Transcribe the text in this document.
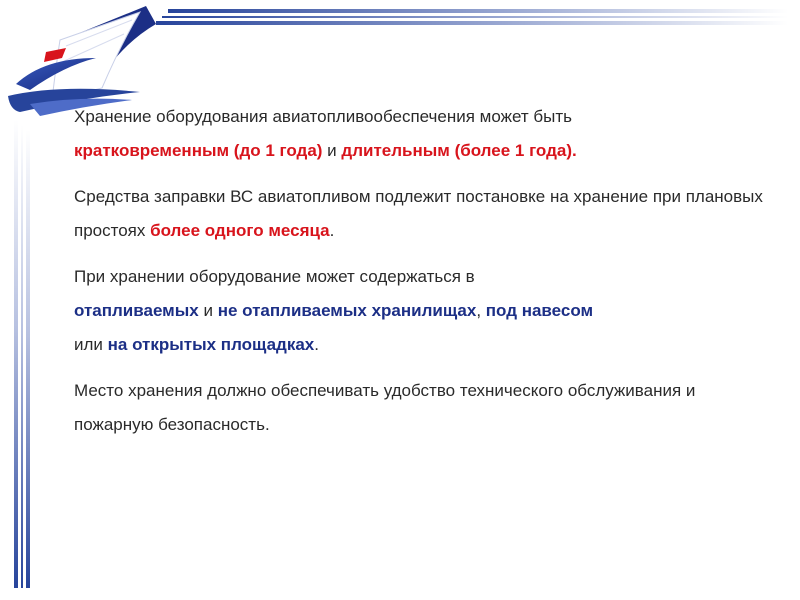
Хранение оборудования авиатопливообеспечения может быть
кратковременным (до 1 года) и длительным (более 1 года).

Средства заправки ВС авиатопливом подлежит постановке на хранение при плановых простоях более одного месяца.

При хранении оборудование может содержаться в
отапливаемых и не отапливаемых хранилищах, под навесом
или на открытых площадках.

Место хранения должно обеспечивать удобство технического обслуживания и пожарную безопасность.
